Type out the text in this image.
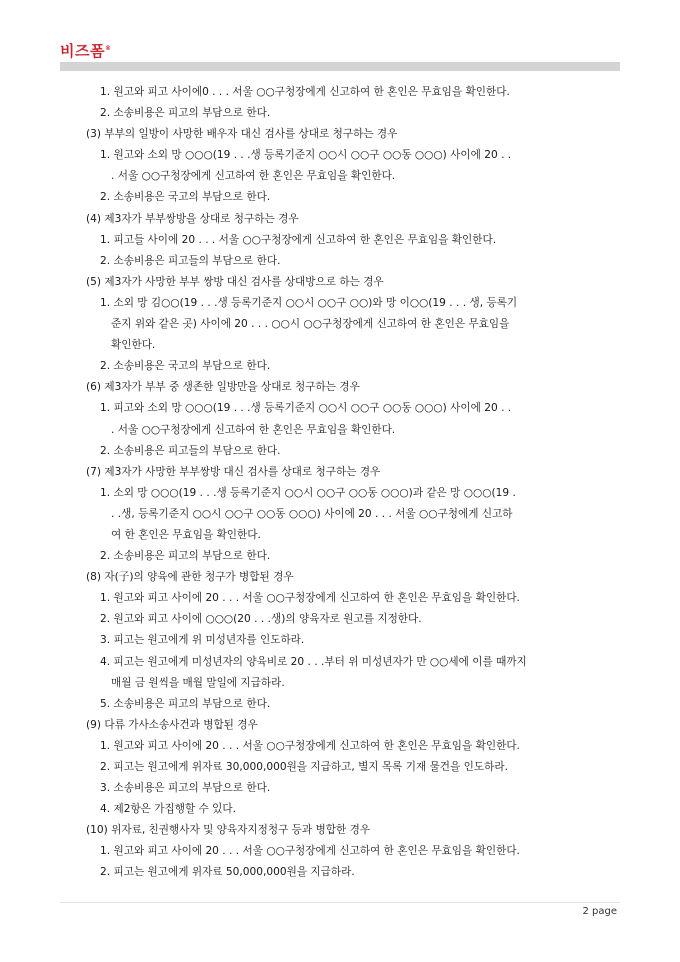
비즈폼®
1. 원고와 피고 사이에0 . . . 서울 ○○구청장에게 신고하여 한 혼인은 무효임을 확인한다.
2. 소송비용은 피고의 부담으로 한다.
(3) 부부의 일방이 사망한 배우자 대신 검사를 상대로 청구하는 경우
1. 원고와 소외 망 ○○○(19 . . .생 등록기준지 ○○시 ○○구 ○○동 ○○○) 사이에 20 . .
. 서울 ○○구청장에게 신고하여 한 혼인은 무효임을 확인한다.
2. 소송비용은 국고의 부담으로 한다.
(4) 제3자가 부부쌍방을 상대로 청구하는 경우
1. 피고들 사이에 20 . . . 서울 ○○구청장에게 신고하여 한 혼인은 무효임을 확인한다.
2. 소송비용은 피고들의 부담으로 한다.
(5) 제3자가 사망한 부부 쌍방 대신 검사를 상대방으로 하는 경우
1. 소외 망 김○○(19 . . .생 등록기준지 ○○시 ○○구 ○○)와 망 이○○(19 . . . 생, 등록기
준지 위와 같은 곳) 사이에 20 . . . ○○시 ○○구청장에게 신고하여 한 혼인은 무효임을
확인한다.
2. 소송비용은 국고의 부담으로 한다.
(6) 제3자가 부부 중 생존한 일방만을 상대로 청구하는 경우
1. 피고와 소외 망 ○○○(19 . . .생 등록기준지 ○○시 ○○구 ○○동 ○○○) 사이에 20 . .
. 서울 ○○구청장에게 신고하여 한 혼인은 무효임을 확인한다.
2. 소송비용은 피고들의 부담으로 한다.
(7) 제3자가 사망한 부부쌍방 대신 검사를 상대로 청구하는 경우
1. 소외 망 ○○○(19 . . .생 등록기준지 ○○시 ○○구 ○○동 ○○○)과 같은 망 ○○○(19 .
. .생, 등록기준지 ○○시 ○○구 ○○동 ○○○) 사이에 20 . . . 서울 ○○구청에게 신고하
여 한 혼인은 무효임을 확인한다.
2. 소송비용은 피고의 부담으로 한다.
(8) 자(子)의 양육에 관한 청구가 병합된 경우
1. 원고와 피고 사이에 20 . . . 서울 ○○구청장에게 신고하여 한 혼인은 무효임을 확인한다.
2. 원고와 피고 사이에 ○○○(20 . . .생)의 양육자로 원고를 지정한다.
3. 피고는 원고에게 위 미성년자를 인도하라.
4. 피고는 원고에게 미성년자의 양육비로 20 . . .부터 위 미성년자가 만 ○○세에 이를 때까지
매월 금 원씩을 매월 말일에 지급하라.
5. 소송비용은 피고의 부담으로 한다.
(9) 다류 가사소송사건과 병합된 경우
1. 원고와 피고 사이에 20 . . . 서울 ○○구청장에게 신고하여 한 혼인은 무효임을 확인한다.
2. 피고는 원고에게 위자료 30,000,000원을 지급하고, 별지 목록 기재 물건을 인도하라.
3. 소송비용은 피고의 부담으로 한다.
4. 제2항은 가집행할 수 있다.
(10) 위자료, 친권행사자 및 양육자지정청구 등과 병합한 경우
1. 원고와 피고 사이에 20 . . . 서울 ○○구청장에게 신고하여 한 혼인은 무효임을 확인한다.
2. 피고는 원고에게 위자료 50,000,000원을 지급하라.
2 page
